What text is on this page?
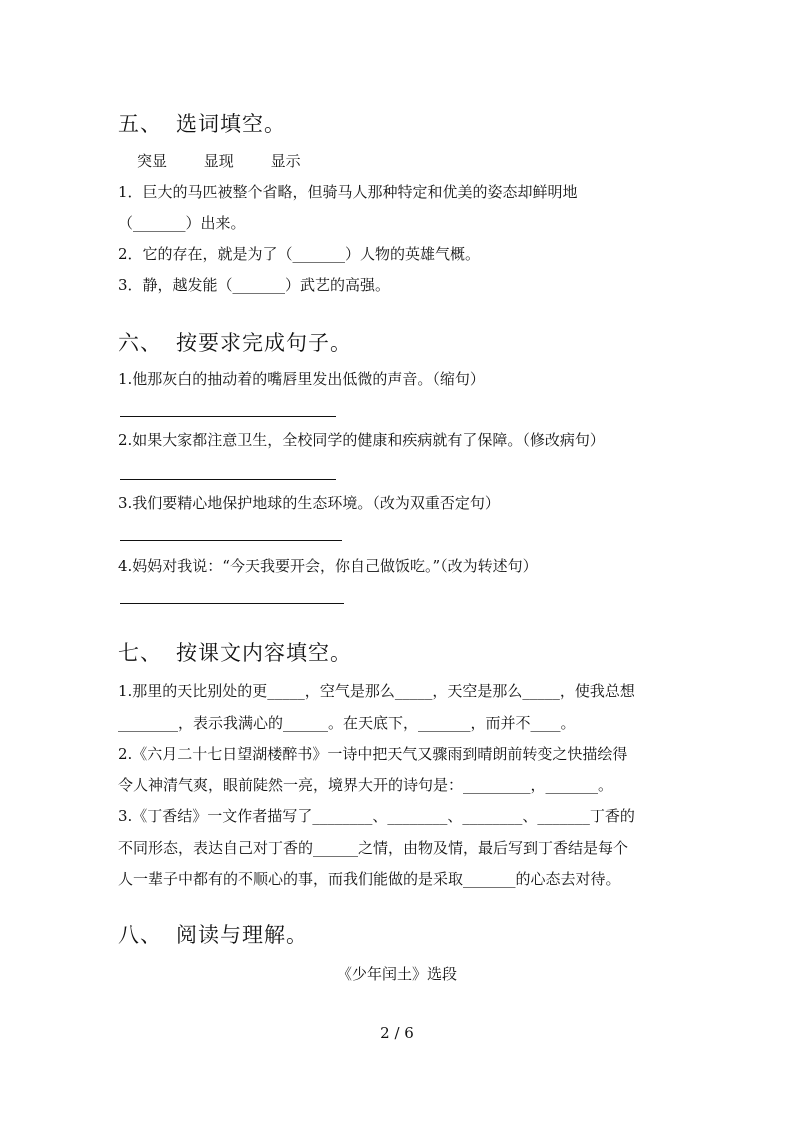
五、 选词填空。
突显 显现 显示
1．巨大的马匹被整个省略，但骑马人那种特定和优美的姿态却鲜明地
（_______）出来。
2．它的存在，就是为了（_______）人物的英雄气概。
3．静，越发能（_______）武艺的高强。
六、 按要求完成句子。
1.他那灰白的抽动着的嘴唇里发出低微的声音。（缩句）
2.如果大家都注意卫生，全校同学的健康和疾病就有了保障。（修改病句）
3.我们要精心地保护地球的生态环境。（改为双重否定句）
4.妈妈对我说：“今天我要开会，你自己做饭吃。”（改为转述句）
七、 按课文内容填空。
1.那里的天比别处的更_____，空气是那么_____，天空是那么_____，使我总想
________，表示我满心的______。在天底下，_______，而并不____。
2.《六月二十七日望湖楼醉书》一诗中把天气又骤雨到晴朗前转变之快描绘得
令人神清气爽，眼前陡然一亮，境界大开的诗句是：_________，_______。
3.《丁香结》一文作者描写了________、________、________、_______丁香的
不同形态，表达自己对丁香的______之情，由物及情，最后写到丁香结是每个
人一辈子中都有的不顺心的事，而我们能做的是采取_______的心态去对待。
八、 阅读与理解。
《少年闰土》选段
2 / 6
